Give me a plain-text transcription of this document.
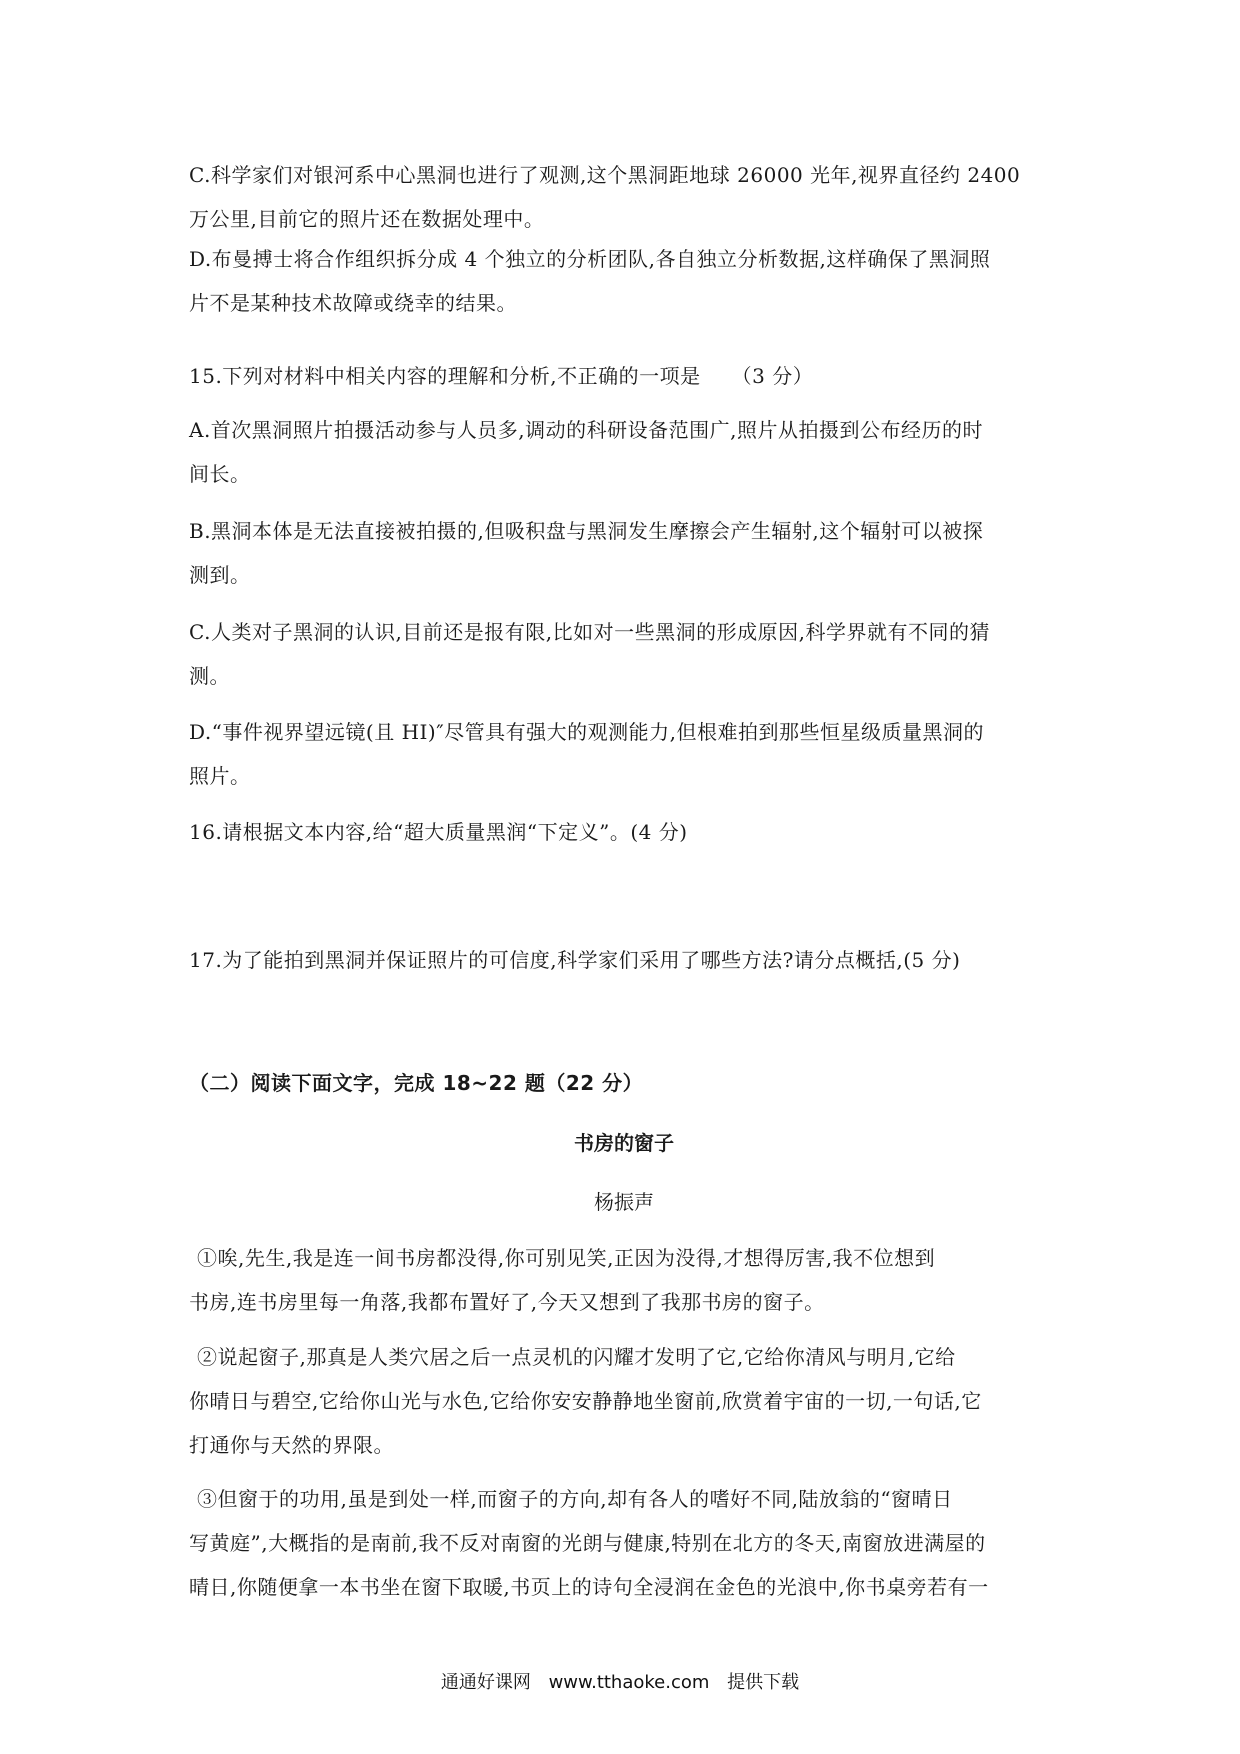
C.科学家们对银河系中心黑洞也进行了观测,这个黑洞距地球 26000 光年,视界直径约 2400
万公里,目前它的照片还在数据处理中。
D.布曼搏士将合作组织拆分成 4 个独立的分析团队,各自独立分析数据,这样确保了黑洞照
片不是某种技术故障或绕幸的结果。
15.下列对材料中相关内容的理解和分析,不正确的一项是　　（3 分）
A.首次黑洞照片拍摄活动参与人员多,调动的科研设备范围广,照片从拍摄到公布经历的时
间长。
B.黑洞本体是无法直接被拍摄的,但吸积盘与黑洞发生摩擦会产生辐射,这个辐射可以被探
测到。
C.人类对子黑洞的认识,目前还是报有限,比如对一些黑洞的形成原因,科学界就有不同的猜
测。
D.“事件视界望远镜(且 HI)″尽管具有强大的观测能力,但根难拍到那些恒星级质量黑洞的
照片。
16.请根据文本内容,给“超大质量黑润“下定义”。(4 分)
17.为了能拍到黑洞并保证照片的可信度,科学家们采用了哪些方法?请分点概括,(5 分)
（二）阅读下面文字，完成 18~22 题（22 分）
书房的窗子
杨振声
①唉,先生,我是连一间书房都没得,你可别见笑,正因为没得,才想得厉害,我不位想到
书房,连书房里每一角落,我都布置好了,今天又想到了我那书房的窗子。
②说起窗子,那真是人类穴居之后一点灵机的闪耀才发明了它,它给你清风与明月,它给
你晴日与碧空,它给你山光与水色,它给你安安静静地坐窗前,欣赏着宇宙的一切,一句话,它
打通你与天然的界限。
③但窗于的功用,虽是到处一样,而窗子的方向,却有各人的嗜好不同,陆放翁的“窗晴日
写黄庭”,大概指的是南前,我不反对南窗的光朗与健康,特别在北方的冬天,南窗放进满屋的
晴日,你随便拿一本书坐在窗下取暖,书页上的诗句全浸润在金色的光浪中,你书桌旁若有一
通通好课网 www.tthaoke.com 提供下载
